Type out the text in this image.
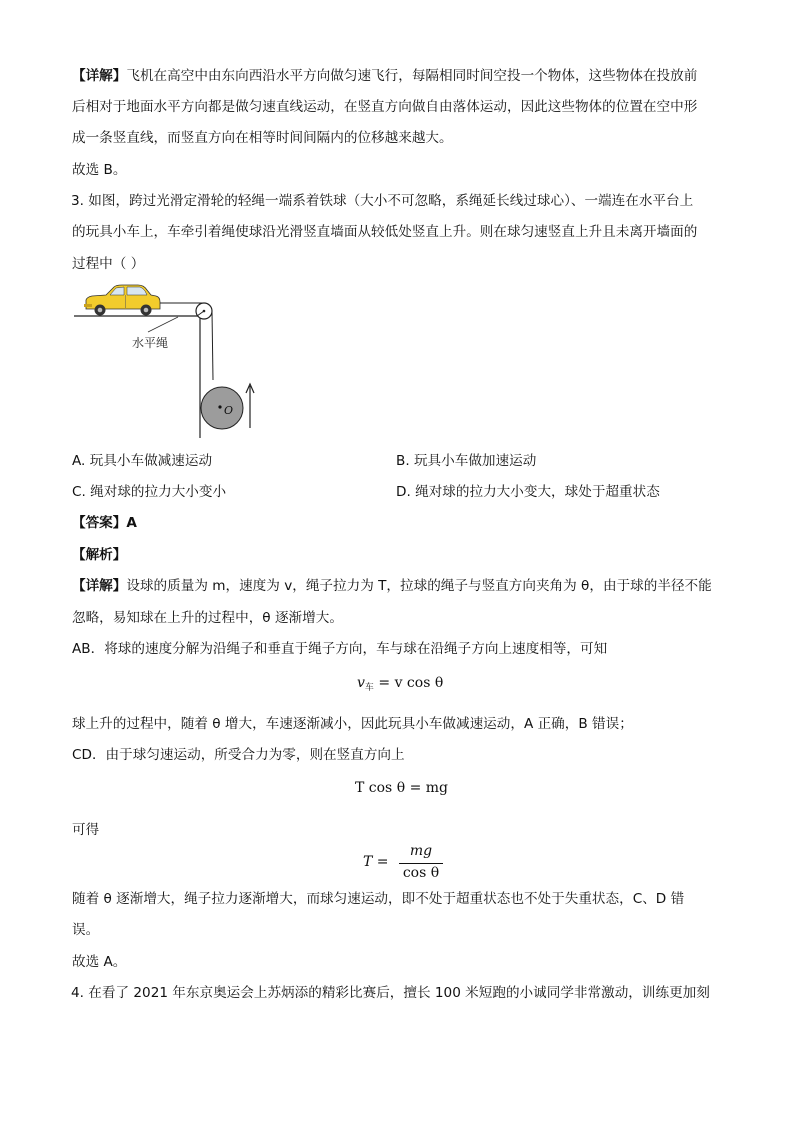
【详解】飞机在高空中由东向西沿水平方向做匀速飞行，每隔相同时间空投一个物体，这些物体在投放前
后相对于地面水平方向都是做匀速直线运动，在竖直方向做自由落体运动，因此这些物体的位置在空中形
成一条竖直线，而竖直方向在相等时间间隔内的位移越来越大。
故选 B。
3. 如图，跨过光滑定滑轮的轻绳一端系着铁球（大小不可忽略，系绳延长线过球心）、一端连在水平台上
的玩具小车上，车牵引着绳使球沿光滑竖直墙面从较低处竖直上升。则在球匀速竖直上升且未离开墙面的
过程中（ ）
O
水平绳
A. 玩具小车做减速运动	B. 玩具小车做加速运动
C. 绳对球的拉力大小变小	D. 绳对球的拉力大小变大，球处于超重状态
【答案】A
【解析】
【详解】设球的质量为 m，速度为 v，绳子拉力为 T，拉球的绳子与竖直方向夹角为 θ，由于球的半径不能
忽略，易知球在上升的过程中，θ 逐渐增大。
AB．将球的速度分解为沿绳子和垂直于绳子方向，车与球在沿绳子方向上速度相等，可知
$v_车 = v$ cos θ
球上升的过程中，随着 θ 增大，车速逐渐减小，因此玩具小车做减速运动，A 正确，B 错误；
CD．由于球匀速运动，所受合力为零，则在竖直方向上
T cos θ = mg
可得
T =
mg
cos θ
随着 θ 逐渐增大，绳子拉力逐渐增大，而球匀速运动，即不处于超重状态也不处于失重状态，C、D 错
误。
故选 A。
4. 在看了 2021 年东京奥运会上苏炳添的精彩比赛后，擅长 100 米短跑的小诚同学非常激动，训练更加刻
